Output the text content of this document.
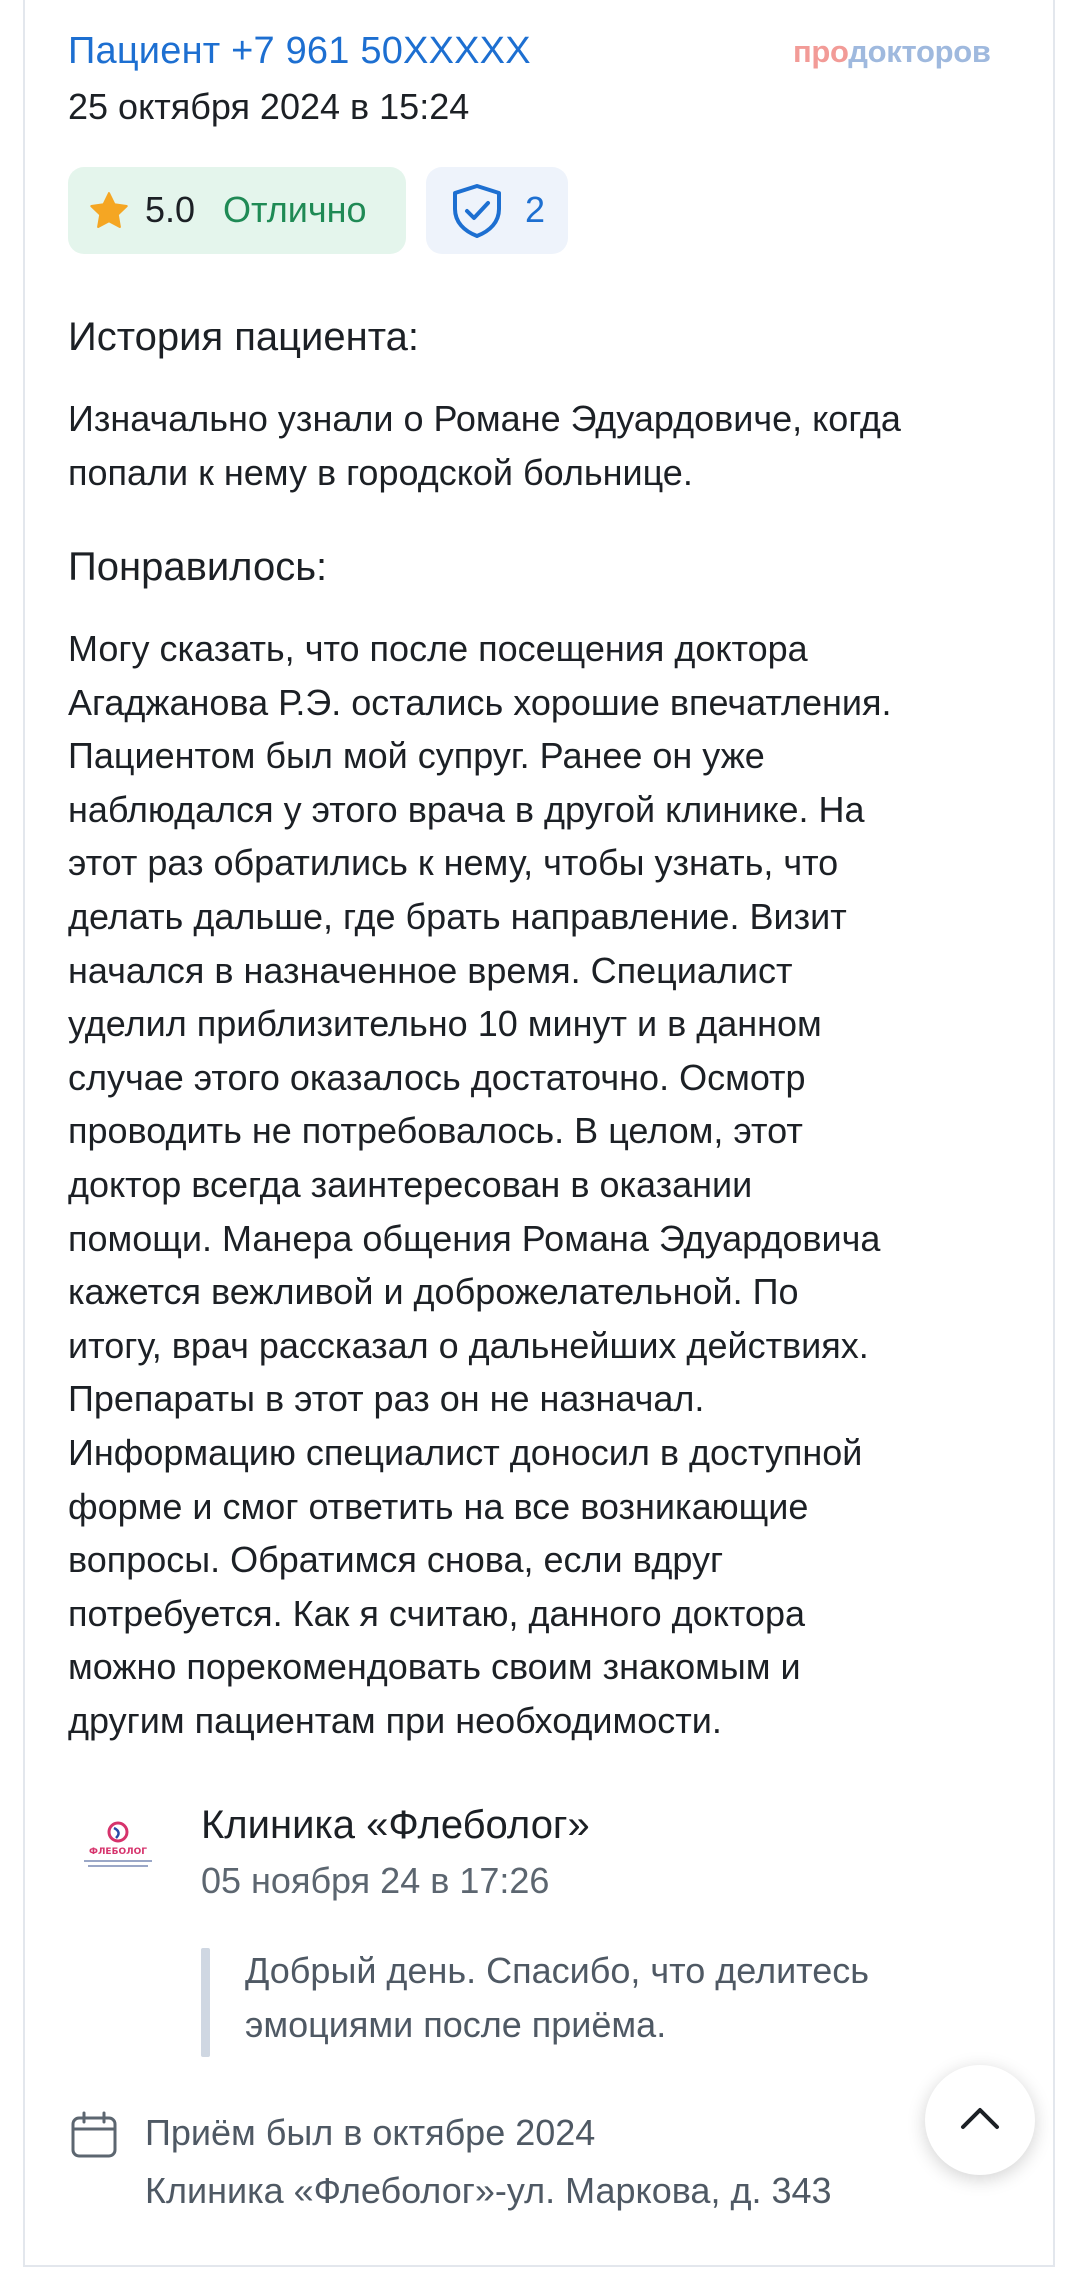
Пациент +7 961 50XXXXX
25 октября 2024 в 15:24
продокторов
5.0 Отлично	2
История пациента:

Изначально узнали о Романе Эдуардовиче, когда
попали к нему в городской больнице.

Понравилось:

Могу сказать, что после посещения доктора
Агаджанова Р.Э. остались хорошие впечатления.
Пациентом был мой супруг. Ранее он уже
наблюдался у этого врача в другой клинике. На
этот раз обратились к нему, чтобы узнать, что
делать дальше, где брать направление. Визит
начался в назначенное время. Специалист
уделил приблизительно 10 минут и в данном
случае этого оказалось достаточно. Осмотр
проводить не потребовалось. В целом, этот
доктор всегда заинтересован в оказании
помощи. Манера общения Романа Эдуардовича
кажется вежливой и доброжелательной. По
итогу, врач рассказал о дальнейших действиях.
Препараты в этот раз он не назначал.
Информацию специалист доносил в доступной
форме и смог ответить на все возникающие
вопросы. Обратимся снова, если вдруг
потребуется. Как я считаю, данного доктора
можно порекомендовать своим знакомым и
другим пациентам при необходимости.

ФЛЕБОЛОГ
Клиника «Флеболог»
05 ноября 24 в 17:26

Добрый день. Спасибо, что делитесь
эмоциями после приёма.

Приём был в октябре 2024
Клиника «Флеболог»-ул. Маркова, д. 343
